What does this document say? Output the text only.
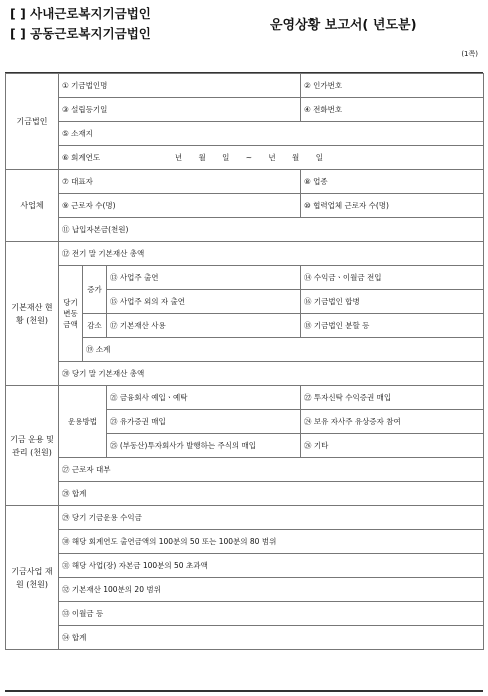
[ ] 사내근로복지기금법인
[ ] 공동근로복지기금법인
운영상황 보고서( 년도분)
(1쪽)
기금법인	① 기금법인명			② 인가번호
	③ 설립등기일			④ 전화번호
	⑤ 소재지			
	⑥ 회계연도 년 월 일 ~ 년 월 일			
사업체	⑦ 대표자			⑧ 업종
	⑨ 근로자 수(명)			⑩ 협력업체 근로자 수(명)
	⑪ 납입자본금(천원)			
기본재산 현황 (천원)	⑫ 전기 말 기본재산 총액			
	당기 변동 금액	증가	⑬ 사업주 출연	⑭ 수익금ㆍ이월금 전입
			⑮ 사업주 외의 자 출연	⑯ 기금법인 합병
		감소	⑰ 기본재산 사용	⑱ 기금법인 분할 등
		⑲ 소계		
	⑳ 당기 말 기본재산 총액			
기금 운용 및 관리 (천원)	운용방법		㉑ 금융회사 예입ㆍ예탁	㉒ 투자신탁 수익증권 매입
			㉓ 유가증권 매입	㉔ 보유 자사주 유상증자 참여
			㉕ (부동산)투자회사가 발행하는 주식의 매입	㉖ 기타
	㉗ 근로자 대부			
	㉘ 합계			
기금사업 재원 (천원)	㉙ 당기 기금운용 수익금			
	㉚ 해당 회계연도 출연금액의 100분의 50 또는 100분의 80 범위			
	㉛ 해당 사업(장) 자본금 100분의 50 초과액			
	㉜ 기본재산 100분의 20 범위			
	㉝ 이월금 등			
	㉞ 합계			
